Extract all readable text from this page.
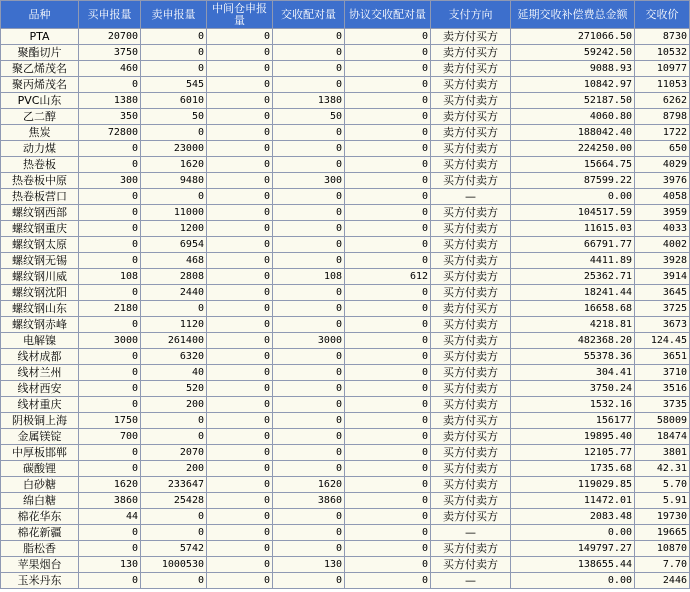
品种	买申报量	卖申报量	中间仓申报量	交收配对量	协议交收配对量	支付方向	延期交收补偿费总金额	交收价
PTA	20700	0	0	0	0	卖方付买方	271066.50	8730
聚酯切片	3750	0	0	0	0	卖方付买方	59242.50	10532
聚乙烯茂名	460	0	0	0	0	卖方付买方	9088.93	10977
聚丙烯茂名	0	545	0	0	0	买方付卖方	10842.97	11053
PVC山东	1380	6010	0	1380	0	买方付卖方	52187.50	6262
乙二醇	350	50	0	50	0	卖方付买方	4060.80	8798
焦炭	72800	0	0	0	0	卖方付买方	188042.40	1722
动力煤	0	23000	0	0	0	买方付卖方	224250.00	650
热卷板	0	1620	0	0	0	买方付卖方	15664.75	4029
热卷板中原	300	9480	0	300	0	买方付卖方	87599.22	3976
热卷板营口	0	0	0	0	0	—	0.00	4058
螺纹钢西部	0	11000	0	0	0	买方付卖方	104517.59	3959
螺纹钢重庆	0	1200	0	0	0	买方付卖方	11615.03	4033
螺纹钢太原	0	6954	0	0	0	买方付卖方	66791.77	4002
螺纹钢无锡	0	468	0	0	0	买方付卖方	4411.89	3928
螺纹钢川威	108	2808	0	108	612	买方付卖方	25362.71	3914
螺纹钢沈阳	0	2440	0	0	0	买方付卖方	18241.44	3645
螺纹钢山东	2180	0	0	0	0	卖方付买方	16658.68	3725
螺纹钢赤峰	0	1120	0	0	0	买方付卖方	4218.81	3673
电解镍	3000	261400	0	3000	0	买方付卖方	482368.20	124.45
线材成都	0	6320	0	0	0	买方付卖方	55378.36	3651
线材兰州	0	40	0	0	0	买方付卖方	304.41	3710
线材西安	0	520	0	0	0	买方付卖方	3750.24	3516
线材重庆	0	200	0	0	0	买方付卖方	1532.16	3735
阴极铜上海	1750	0	0	0	0	卖方付买方	156177	58009
金属镁锭	700	0	0	0	0	卖方付买方	19895.40	18474
中厚板邯郸	0	2070	0	0	0	买方付卖方	12105.77	3801
碳酸锂	0	200	0	0	0	买方付卖方	1735.68	42.31
白砂糖	1620	233647	0	1620	0	买方付卖方	119029.85	5.70
绵白糖	3860	25428	0	3860	0	买方付卖方	11472.01	5.91
棉花华东	44	0	0	0	0	卖方付买方	2083.48	19730
棉花新疆	0	0	0	0	0	—	0.00	19665
脂松香	0	5742	0	0	0	买方付卖方	149797.27	10870
苹果烟台	130	1000530	0	130	0	买方付卖方	138655.44	7.70
玉米丹东	0	0	0	0	0	—	0.00	2446
